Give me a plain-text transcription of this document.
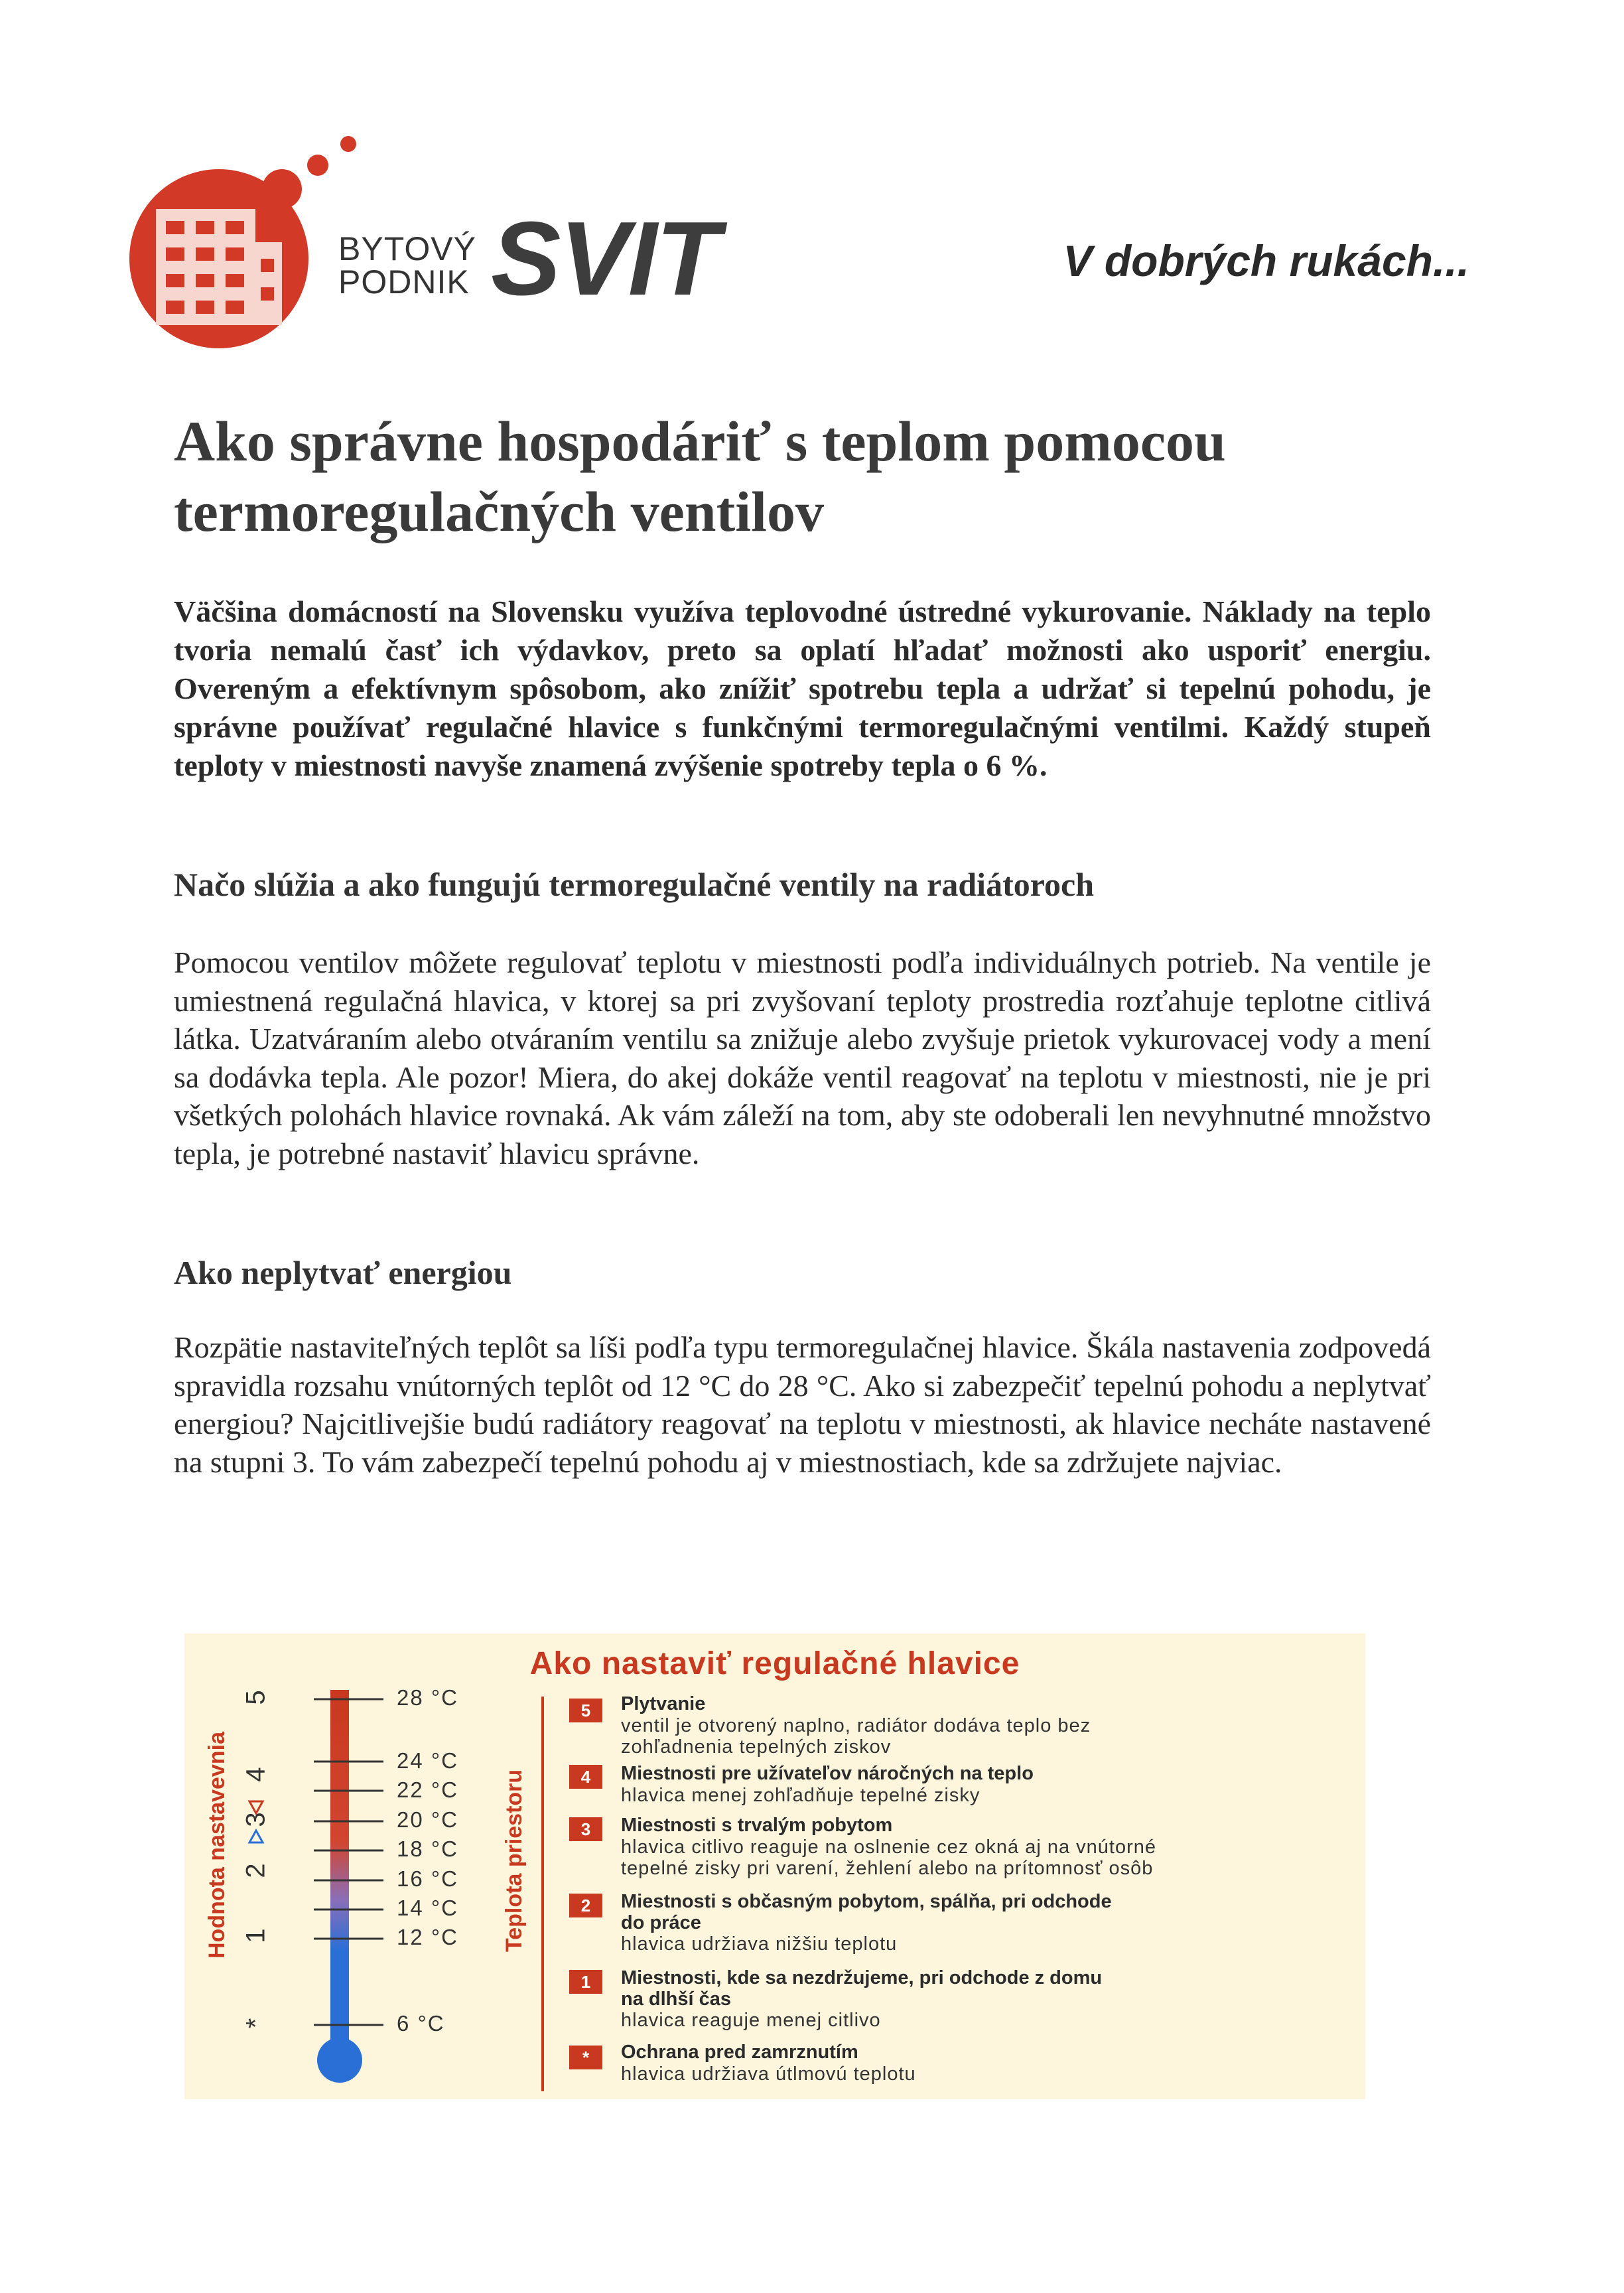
BYTOVÝ
PODNIK SVIT	V dobrých rukách...
Ako správne hospodáriť s teplom pomocou
termoregulačných ventilov
Väčšina domácností na Slovensku využíva teplovodné ústredné vykurovanie. Náklady na teplo tvoria nemalú časť ich výdavkov, preto sa oplatí hľadať možnosti ako usporiť energiu. Overeným a efektívnym spôsobom, ako znížiť spotrebu tepla a udržať si tepelnú pohodu, je správne používať regulačné hlavice s funkčnými termoregulačnými ventilmi. Každý stupeň teploty v miestnosti navyše znamená zvýšenie spotreby tepla o 6 %.
Načo slúžia a ako fungujú termoregulačné ventily na radiátoroch
Pomocou ventilov môžete regulovať teplotu v miestnosti podľa individuálnych potrieb. Na ventile je umiestnená regulačná hlavica, v ktorej sa pri zvyšovaní teploty prostredia rozťahuje teplotne citlivá látka. Uzatváraním alebo otváraním ventilu sa znižuje alebo zvyšuje prietok vykurovacej vody a mení sa dodávka tepla. Ale pozor! Miera, do akej dokáže ventil reagovať na teplotu v miestnosti, nie je pri všetkých polohách hlavice rovnaká. Ak vám záleží na tom, aby ste odoberali len nevyhnutné množstvo tepla, je potrebné nastaviť hlavicu správne.
Ako neplytvať energiou
Rozpätie nastaviteľných teplôt sa líši podľa typu termoregulačnej hlavice. Škála nastavenia zodpovedá spravidla rozsahu vnútorných teplôt od 12 °C do 28 °C. Ako si zabezpečiť tepelnú pohodu a neplytvať energiou? Najcitlivejšie budú radiátory reagovať na teplotu v miestnosti, ak hlavice necháte nastavené na stupni 3. To vám zabezpečí tepelnú pohodu aj v miestnostiach, kde sa zdržujete najviac.
Ako nastaviť regulačné hlavice
5
4
3
2
1
*
28 °C
24 °C
22 °C
20 °C
18 °C
16 °C
14 °C
12 °C
6 °C
Hodnota nastavevnia	Teplota priestoru
5	Plytvanie
ventil je otvorený naplno, radiátor dodáva teplo bez
zohľadnenia tepelných ziskov
4	Miestnosti pre užívateľov náročných na teplo
hlavica menej zohľadňuje tepelné zisky
3	Miestnosti s trvalým pobytom
hlavica citlivo reaguje na oslnenie cez okná aj na vnútorné
tepelné zisky pri varení, žehlení alebo na prítomnosť osôb
2	Miestnosti s občasným pobytom, spálňa, pri odchode
do práce
hlavica udržiava nižšiu teplotu
1	Miestnosti, kde sa nezdržujeme, pri odchode z domu
na dlhší čas
hlavica reaguje menej citlivo
*	Ochrana pred zamrznutím
hlavica udržiava útlmovú teplotu
